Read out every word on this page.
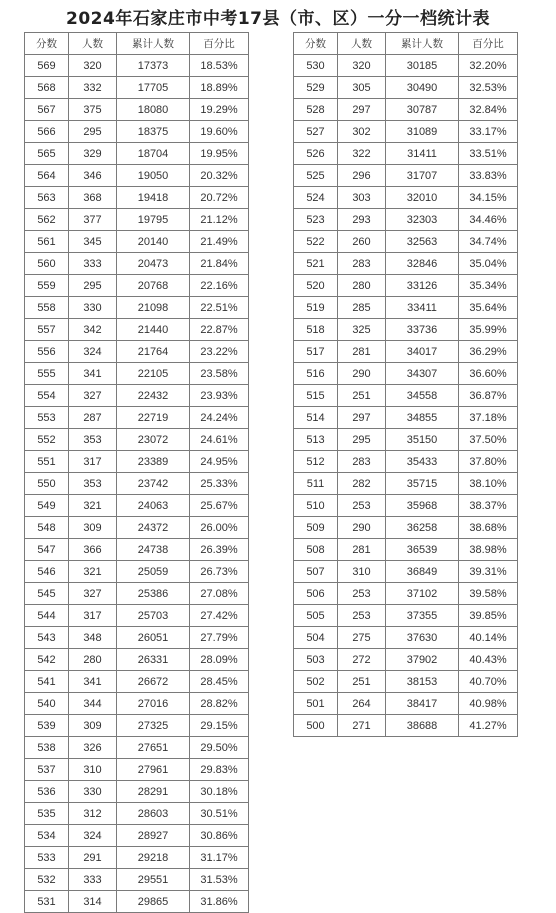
2024年石家庄市中考17县（市、区）一分一档统计表
分数	人数	累计人数	百分比
569	320	17373	18.53%
568	332	17705	18.89%
567	375	18080	19.29%
566	295	18375	19.60%
565	329	18704	19.95%
564	346	19050	20.32%
563	368	19418	20.72%
562	377	19795	21.12%
561	345	20140	21.49%
560	333	20473	21.84%
559	295	20768	22.16%
558	330	21098	22.51%
557	342	21440	22.87%
556	324	21764	23.22%
555	341	22105	23.58%
554	327	22432	23.93%
553	287	22719	24.24%
552	353	23072	24.61%
551	317	23389	24.95%
550	353	23742	25.33%
549	321	24063	25.67%
548	309	24372	26.00%
547	366	24738	26.39%
546	321	25059	26.73%
545	327	25386	27.08%
544	317	25703	27.42%
543	348	26051	27.79%
542	280	26331	28.09%
541	341	26672	28.45%
540	344	27016	28.82%
539	309	27325	29.15%
538	326	27651	29.50%
537	310	27961	29.83%
536	330	28291	30.18%
535	312	28603	30.51%
534	324	28927	30.86%
533	291	29218	31.17%
532	333	29551	31.53%
531	314	29865	31.86%
分数	人数	累计人数	百分比
530	320	30185	32.20%
529	305	30490	32.53%
528	297	30787	32.84%
527	302	31089	33.17%
526	322	31411	33.51%
525	296	31707	33.83%
524	303	32010	34.15%
523	293	32303	34.46%
522	260	32563	34.74%
521	283	32846	35.04%
520	280	33126	35.34%
519	285	33411	35.64%
518	325	33736	35.99%
517	281	34017	36.29%
516	290	34307	36.60%
515	251	34558	36.87%
514	297	34855	37.18%
513	295	35150	37.50%
512	283	35433	37.80%
511	282	35715	38.10%
510	253	35968	38.37%
509	290	36258	38.68%
508	281	36539	38.98%
507	310	36849	39.31%
506	253	37102	39.58%
505	253	37355	39.85%
504	275	37630	40.14%
503	272	37902	40.43%
502	251	38153	40.70%
501	264	38417	40.98%
500	271	38688	41.27%
